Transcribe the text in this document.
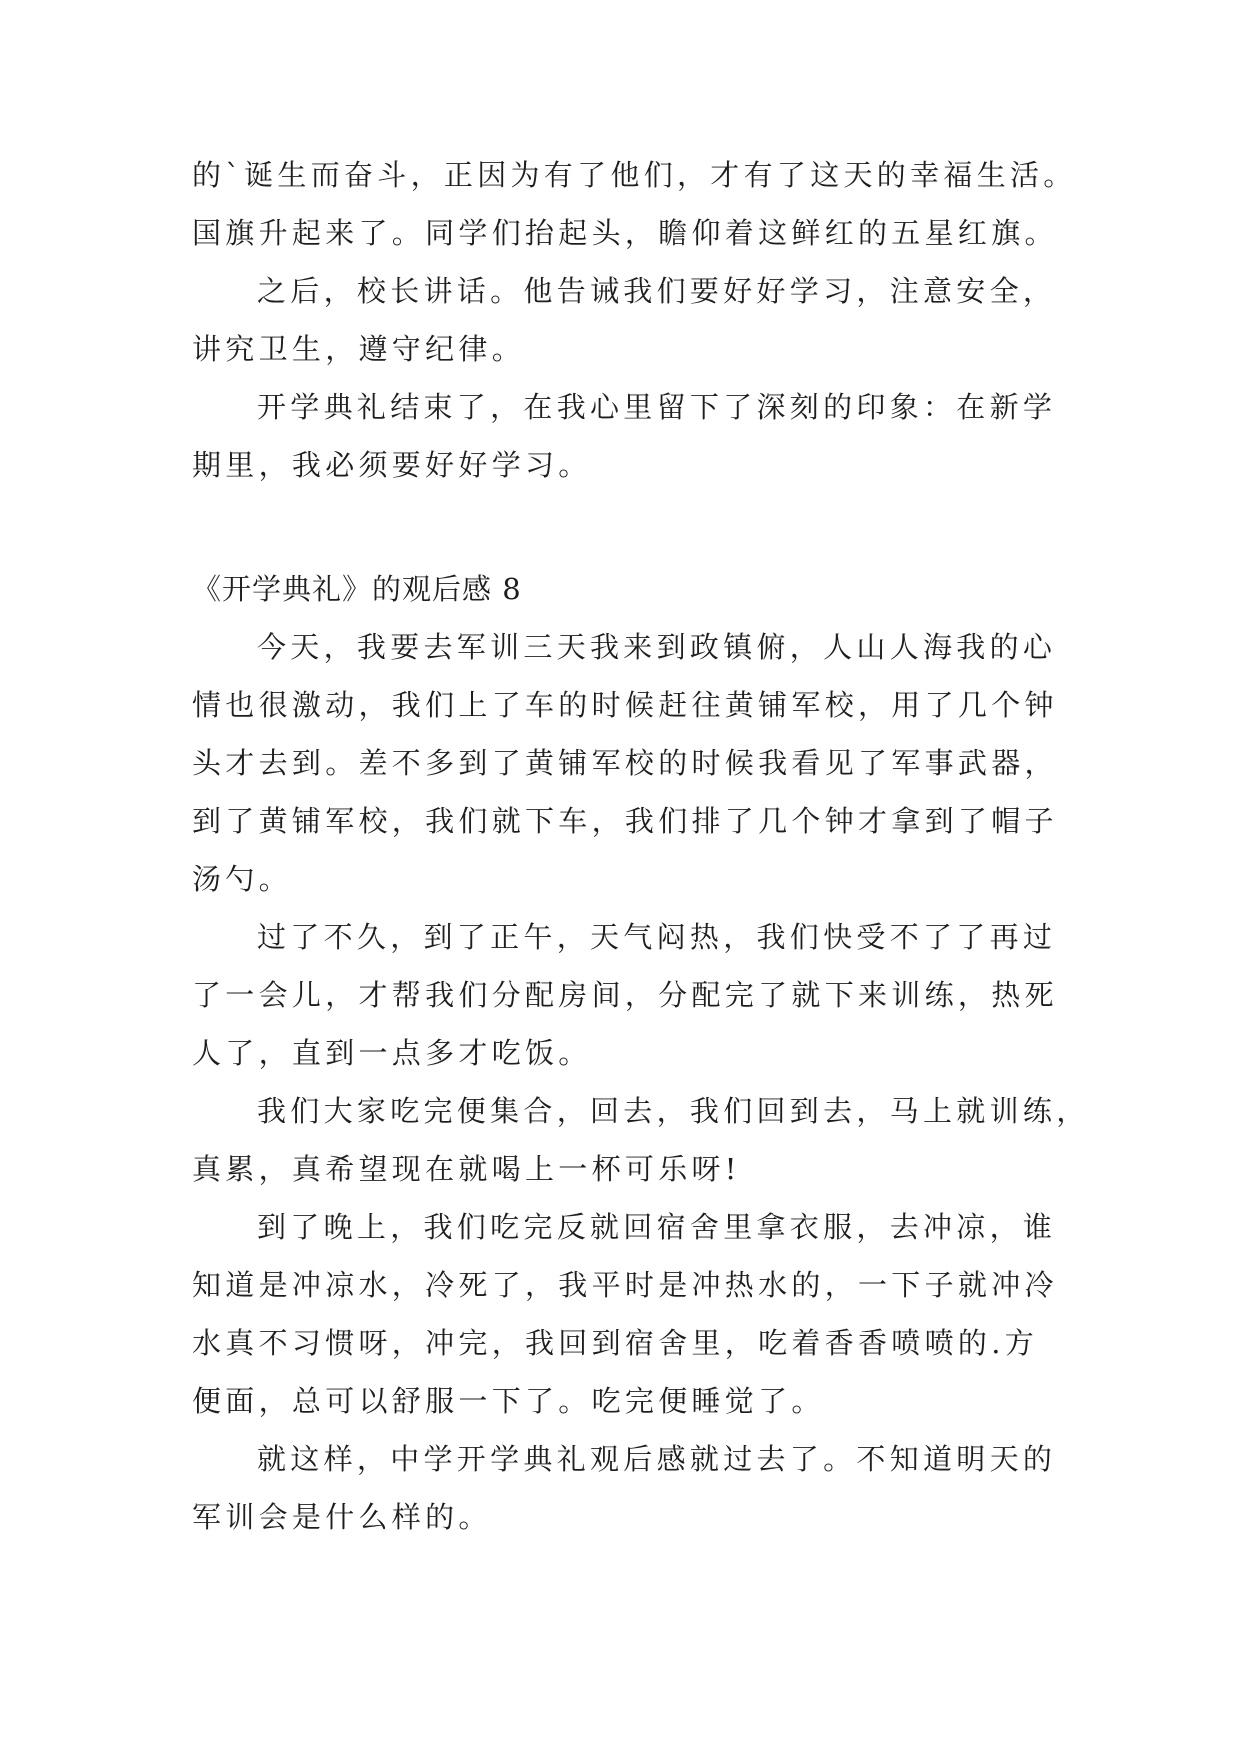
的`诞生而奋斗，正因为有了他们，才有了这天的幸福生活。
国旗升起来了。同学们抬起头，瞻仰着这鲜红的五星红旗。
之后，校长讲话。他告诫我们要好好学习，注意安全，
讲究卫生，遵守纪律。
开学典礼结束了，在我心里留下了深刻的印象：在新学
期里，我必须要好好学习。
《开学典礼》的观后感 8
今天，我要去军训三天我来到政镇俯，人山人海我的心
情也很激动，我们上了车的时候赶往黄铺军校，用了几个钟
头才去到。差不多到了黄铺军校的时候我看见了军事武器，
到了黄铺军校，我们就下车，我们排了几个钟才拿到了帽子
汤勺。
过了不久，到了正午，天气闷热，我们快受不了了再过
了一会儿，才帮我们分配房间，分配完了就下来训练，热死
人了，直到一点多才吃饭。
我们大家吃完便集合，回去，我们回到去，马上就训练，
真累，真希望现在就喝上一杯可乐呀!
到了晚上，我们吃完反就回宿舍里拿衣服，去冲凉，谁
知道是冲凉水，冷死了，我平时是冲热水的，一下子就冲冷
水真不习惯呀，冲完，我回到宿舍里，吃着香香喷喷的.方
便面，总可以舒服一下了。吃完便睡觉了。
就这样，中学开学典礼观后感就过去了。不知道明天的
军训会是什么样的。
